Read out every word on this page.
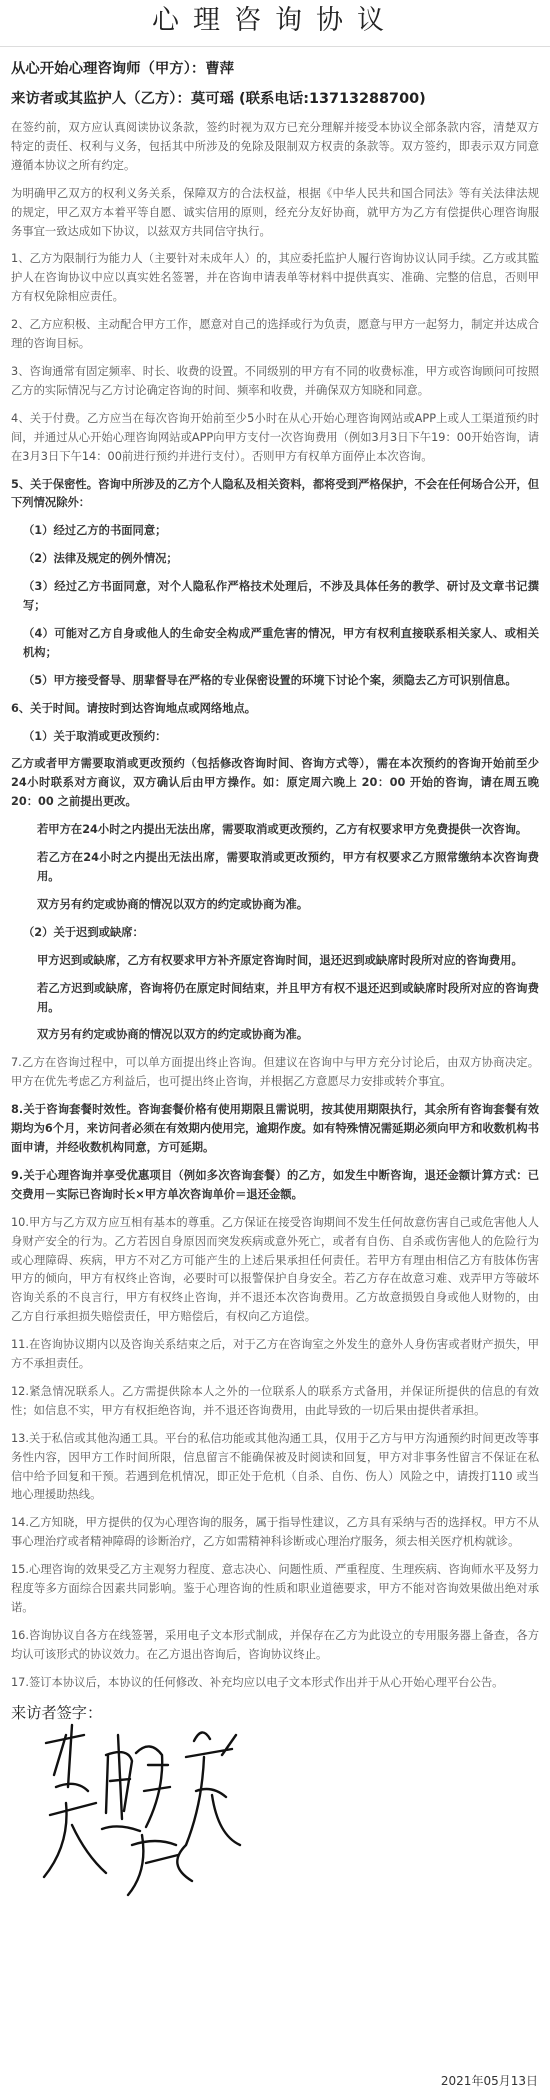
心理咨询协议

从心开始心理咨询师（甲方）：曹萍

来访者或其监护人（乙方）：莫可瑶 (联系电话:13713288700)

在签约前，双方应认真阅读协议条款，签约时视为双方已充分理解并接受本协议全部条款内容，清楚双方特定的责任、权利与义务，包括其中所涉及的免除及限制双方权责的条款等。双方签约，即表示双方同意遵循本协议之所有约定。

为明确甲乙双方的权利义务关系，保障双方的合法权益，根据《中华人民共和国合同法》等有关法律法规的规定，甲乙双方本着平等自愿、诚实信用的原则，经充分友好协商，就甲方为乙方有偿提供心理咨询服务事宜一致达成如下协议，以兹双方共同信守执行。

1、乙方为限制行为能力人（主要针对未成年人）的，其应委托监护人履行咨询协议认同手续。乙方或其監护人在咨询协议中应以真实姓名签署，并在咨询申请表单等材料中提供真实、准确、完整的信息，否则甲方有权免除相应责任。

2、乙方应积极、主动配合甲方工作，愿意对自己的选择或行为负责，愿意与甲方一起努力，制定并达成合理的咨询目标。

3、咨询通常有固定频率、时长、收费的设置。不同级别的甲方有不同的收费标准，甲方或咨询顾问可按照乙方的实际情况与乙方讨论确定咨询的时间、频率和收费，并确保双方知晓和同意。

4、关于付费。乙方应当在每次咨询开始前至少5小时在从心开始心理咨询网站或APP上或人工渠道预约时间，并通过从心开始心理咨询网站或APP向甲方支付一次咨询费用（例如3月3日下午19：00开始咨询，请在3月3日下午14：00前进行预约并进行支付）。否则甲方有权单方面停止本次咨询。

5、关于保密性。咨询中所涉及的乙方个人隐私及相关资料，都将受到严格保护，不会在任何场合公开，但下列情况除外：

（1）经过乙方的书面同意；

（2）法律及规定的例外情况；

（3）经过乙方书面同意，对个人隐私作严格技术处理后，不涉及具体任务的教学、研讨及文章书记撰写；

（4）可能对乙方自身或他人的生命安全构成严重危害的情况，甲方有权利直接联系相关家人、或相关机构；

（5）甲方接受督导、朋辈督导在严格的专业保密设置的环境下讨论个案，须隐去乙方可识别信息。

6、关于时间。请按时到达咨询地点或网络地点。

（1）关于取消或更改预约：

乙方或者甲方需要取消或更改预约（包括修改咨询时间、咨询方式等），需在本次预约的咨询开始前至少24小时联系对方商议，双方确认后由甲方操作。如：原定周六晚上 20：00 开始的咨询，请在周五晚 20：00 之前提出更改。

若甲方在24小时之内提出无法出席，需要取消或更改预约，乙方有权要求甲方免费提供一次咨询。

若乙方在24小时之内提出无法出席，需要取消或更改预约，甲方有权要求乙方照常缴纳本次咨询费用。

双方另有约定或协商的情况以双方的约定或协商为准。

（2）关于迟到或缺席：

甲方迟到或缺席，乙方有权要求甲方补齐原定咨询时间，退还迟到或缺席时段所对应的咨询费用。

若乙方迟到或缺席，咨询将仍在原定时间结束，并且甲方有权不退还迟到或缺席时段所对应的咨询费用。

双方另有约定或协商的情况以双方的约定或协商为准。

7.乙方在咨询过程中，可以单方面提出终止咨询。但建议在咨询中与甲方充分讨论后，由双方协商决定。甲方在优先考虑乙方利益后，也可提出终止咨询，并根据乙方意愿尽力安排或转介事宜。

8.关于咨询套餐时效性。咨询套餐价格有使用期限且需说明，按其使用期限执行，其余所有咨询套餐有效期均为6个月，来访问者必须在有效期内使用完，逾期作废。如有特殊情况需延期必须向甲方和收数机构书面申请，并经收数机构同意，方可延期。

9.关于心理咨询并享受优惠项目（例如多次咨询套餐）的乙方，如发生中断咨询，退还金额计算方式：已交费用－实际已咨询时长×甲方单次咨询单价＝退还金额。

10.甲方与乙方双方应互相有基本的尊重。乙方保证在接受咨询期间不发生任何故意伤害自己或危害他人人身财产安全的行为。乙方若因自身原因而突发疾病或意外死亡，或者有自伤、自杀或伤害他人的危险行为或心理障碍、疾病，甲方不对乙方可能产生的上述后果承担任何责任。若甲方有理由相信乙方有肢体伤害甲方的倾向，甲方有权终止咨询，必要时可以报警保护自身安全。若乙方存在故意习难、戏弄甲方等破坏咨询关系的不良言行，甲方有权终止咨询，并不退还本次咨询费用。乙方故意损毁自身或他人财物的，由乙方自行承担损失赔偿责任，甲方赔偿后，有权向乙方追偿。

11.在咨询协议期内以及咨询关系结束之后，对于乙方在咨询室之外发生的意外人身伤害或者财产损失，甲方不承担责任。

12.紧急情况联系人。乙方需提供除本人之外的一位联系人的联系方式备用，并保证所提供的信息的有效性；如信息不实，甲方有权拒绝咨询，并不退还咨询费用，由此导致的一切后果由提供者承担。

13.关于私信或其他沟通工具。平台的私信功能或其他沟通工具，仅用于乙方与甲方沟通预约时间更改等事务性内容，因甲方工作时间所限，信息留言不能确保被及时阅读和回复，甲方对非事务性留言不保证在私信中给予回复和干预。若遇到危机情况，即正处于危机（自杀、自伤、伤人）风险之中，请拨打110 或当地心理援助热线。

14.乙方知晓，甲方提供的仅为心理咨询的服务，属于指导性建议，乙方具有采纳与否的选择权。甲方不从事心理治疗或者精神障碍的诊断治疗，乙方如需精神科诊断或心理治疗服务，须去相关医疗机构就诊。

15.心理咨询的效果受乙方主观努力程度、意志决心、问题性质、严重程度、生理疾病、咨询师水平及努力程度等多方面综合因素共同影响。鉴于心理咨询的性质和职业道德要求，甲方不能对咨询效果做出绝对承诺。

16.咨询协议自各方在线签署，采用电子文本形式制成，并保存在乙方为此设立的专用服务器上备查，各方均认可该形式的协议效力。在乙方退出咨询后，咨询协议终止。

17.签订本协议后，本协议的任何修改、补充均应以电子文本形式作出并于从心开始心理平台公告。

来访者签字：

2021年05月13日
